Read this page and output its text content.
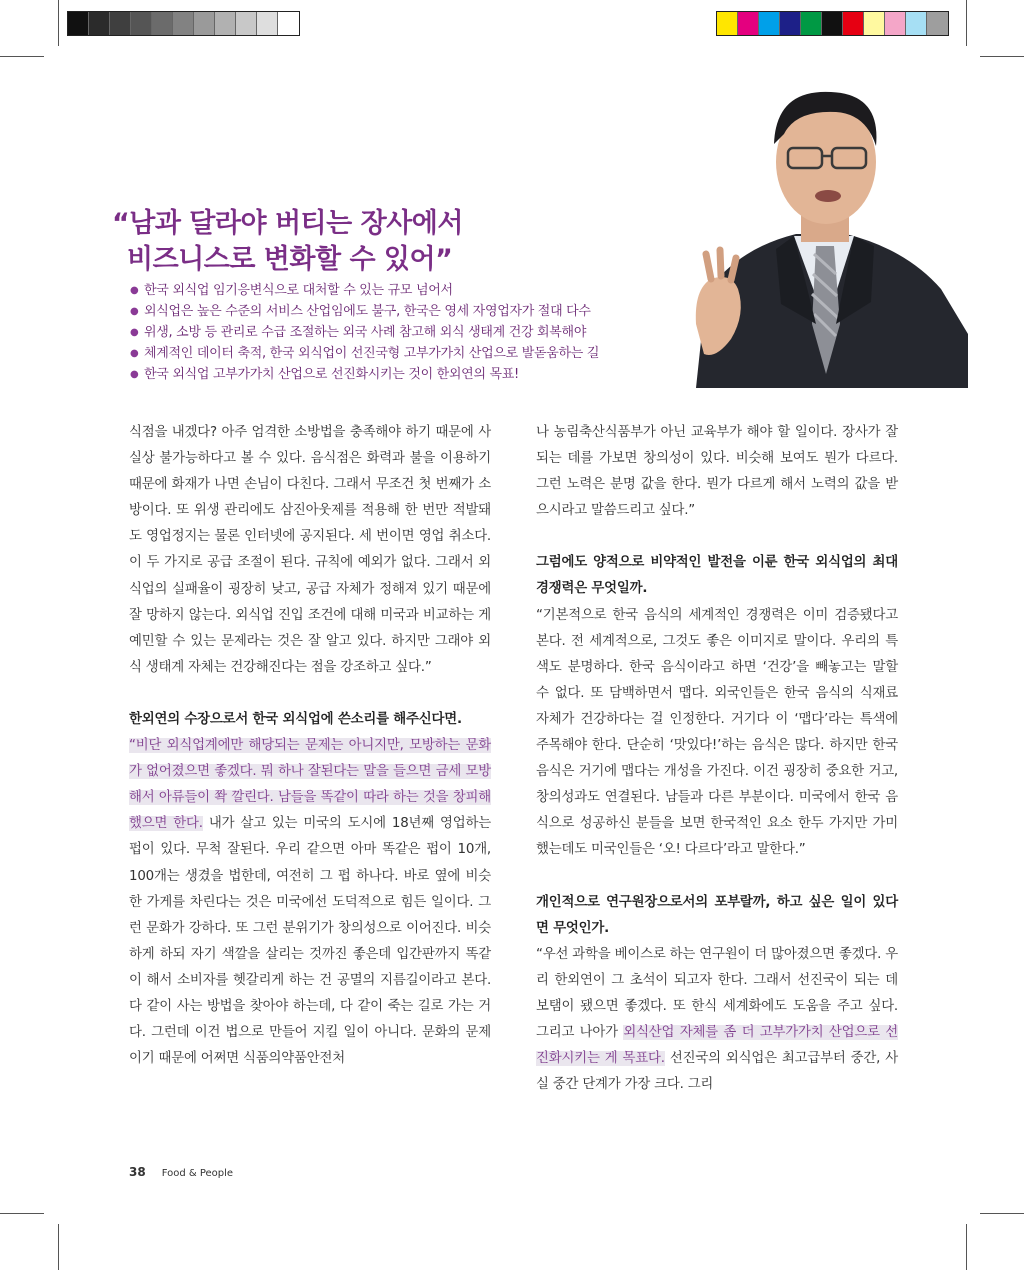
“남과 달라야 버티는 장사에서
비즈니스로 변화할 수 있어”
● 한국 외식업 임기응변식으로 대처할 수 있는 규모 넘어서
● 외식업은 높은 수준의 서비스 산업임에도 불구, 한국은 영세 자영업자가 절대 다수
● 위생, 소방 등 관리로 수급 조절하는 외국 사례 참고해 외식 생태계 건강 회복해야
● 체계적인 데이터 축적, 한국 외식업이 선진국형 고부가가치 산업으로 발돋움하는 길
● 한국 외식업 고부가가치 산업으로 선진화시키는 것이 한외연의 목표!

식점을 내겠다? 아주 엄격한 소방법을 충족해야 하기 때문에 사실상 불가능하다고 볼 수 있다. 음식점은 화력과 불을 이용하기 때문에 화재가 나면 손님이 다친다. 그래서 무조건 첫 번째가 소방이다. 또 위생 관리에도 삼진아웃제를 적용해 한 번만 적발돼도 영업정지는 물론 인터넷에 공지된다. 세 번이면 영업 취소다. 이 두 가지로 공급 조절이 된다. 규칙에 예외가 없다. 그래서 외식업의 실패율이 굉장히 낮고, 공급 자체가 정해져 있기 때문에 잘 망하지 않는다. 외식업 진입 조건에 대해 미국과 비교하는 게 예민할 수 있는 문제라는 것은 잘 알고 있다. 하지만 그래야 외식 생태계 자체는 건강해진다는 점을 강조하고 싶다.”

한외연의 수장으로서 한국 외식업에 쓴소리를 해주신다면.

“비단 외식업계에만 해당되는 문제는 아니지만, 모방하는 문화가 없어졌으면 좋겠다. 뭐 하나 잘된다는 말을 들으면 금세 모방해서 아류들이 쫙 깔린다. 남들을 똑같이 따라 하는 것을 창피해했으면 한다. 내가 살고 있는 미국의 도시에 18년째 영업하는 펍이 있다. 무척 잘된다. 우리 같으면 아마 똑같은 펍이 10개, 100개는 생겼을 법한데, 여전히 그 펍 하나다. 바로 옆에 비슷한 가게를 차린다는 것은 미국에선 도덕적으로 힘든 일이다. 그런 문화가 강하다. 또 그런 분위기가 창의성으로 이어진다. 비슷하게 하되 자기 색깔을 살리는 것까진 좋은데 입간판까지 똑같이 해서 소비자를 헷갈리게 하는 건 공멸의 지름길이라고 본다. 다 같이 사는 방법을 찾아야 하는데, 다 같이 죽는 길로 가는 거다. 그런데 이건 법으로 만들어 지킬 일이 아니다. 문화의 문제이기 때문에 어쩌면 식품의약품안전처

나 농림축산식품부가 아닌 교육부가 해야 할 일이다. 장사가 잘되는 데를 가보면 창의성이 있다. 비슷해 보여도 뭔가 다르다. 그런 노력은 분명 값을 한다. 뭔가 다르게 해서 노력의 값을 받으시라고 말씀드리고 싶다.”

그럼에도 양적으로 비약적인 발전을 이룬 한국 외식업의 최대 경쟁력은 무엇일까.

“기본적으로 한국 음식의 세계적인 경쟁력은 이미 검증됐다고 본다. 전 세계적으로, 그것도 좋은 이미지로 말이다. 우리의 특색도 분명하다. 한국 음식이라고 하면 ‘건강’을 빼놓고는 말할 수 없다. 또 담백하면서 맵다. 외국인들은 한국 음식의 식재료 자체가 건강하다는 걸 인정한다. 거기다 이 ‘맵다’라는 특색에 주목해야 한다. 단순히 ‘맛있다!’하는 음식은 많다. 하지만 한국 음식은 거기에 맵다는 개성을 가진다. 이건 굉장히 중요한 거고, 창의성과도 연결된다. 남들과 다른 부분이다. 미국에서 한국 음식으로 성공하신 분들을 보면 한국적인 요소 한두 가지만 가미했는데도 미국인들은 ‘오! 다르다’라고 말한다.”

개인적으로 연구원장으로서의 포부랄까, 하고 싶은 일이 있다면 무엇인가.

“우선 과학을 베이스로 하는 연구원이 더 많아졌으면 좋겠다. 우리 한외연이 그 초석이 되고자 한다. 그래서 선진국이 되는 데 보탬이 됐으면 좋겠다. 또 한식 세계화에도 도움을 주고 싶다. 그리고 나아가 외식산업 자체를 좀 더 고부가가치 산업으로 선진화시키는 게 목표다. 선진국의 외식업은 최고급부터 중간, 사실 중간 단계가 가장 크다. 그리

38 Food & People
